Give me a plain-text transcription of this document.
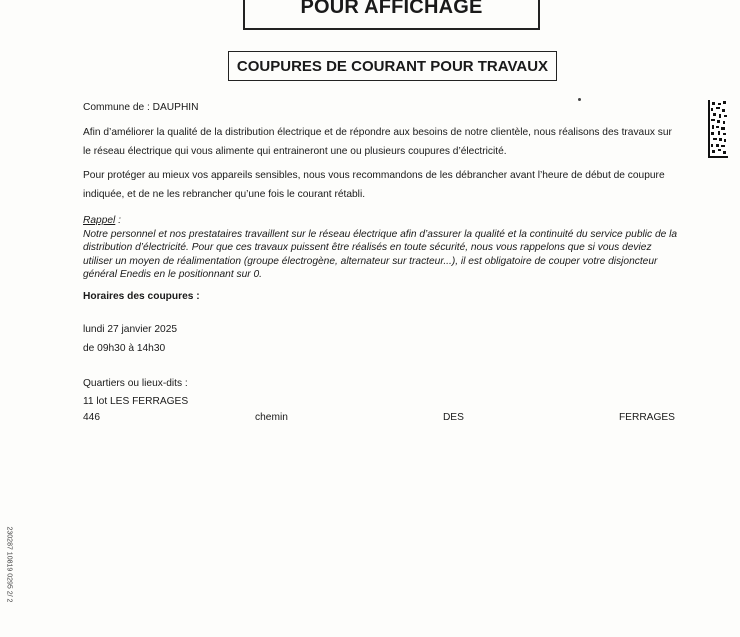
POUR AFFICHAGE
COUPURES DE COURANT POUR TRAVAUX
Commune de : DAUPHIN
Afin d’améliorer la qualité de la distribution électrique et de répondre aux besoins de notre clientèle, nous réalisons des travaux sur le réseau électrique qui vous alimente qui entraineront une ou plusieurs coupures d’électricité.
Pour protéger au mieux vos appareils sensibles, nous vous recommandons de les débrancher avant l’heure de début de coupure indiquée, et de ne les rebrancher qu’une fois le courant rétabli.
Rappel :
Notre personnel et nos prestataires travaillent sur le réseau électrique afin d’assurer la qualité et la continuité du service public de la distribution d’électricité. Pour que ces travaux puissent être réalisés en toute sécurité, nous vous rappelons que si vous deviez utiliser un moyen de réalimentation (groupe électrogène, alternateur sur tracteur...), il est obligatoire de couper votre disjoncteur général Enedis en le positionnant sur 0.
Horaires des coupures :
lundi 27 janvier 2025
de 09h30 à 14h30
Quartiers ou lieux-dits :
11 lot LES FERRAGES
446	chemin	DES	FERRAGES
230287 10819 0295 2/ 2
